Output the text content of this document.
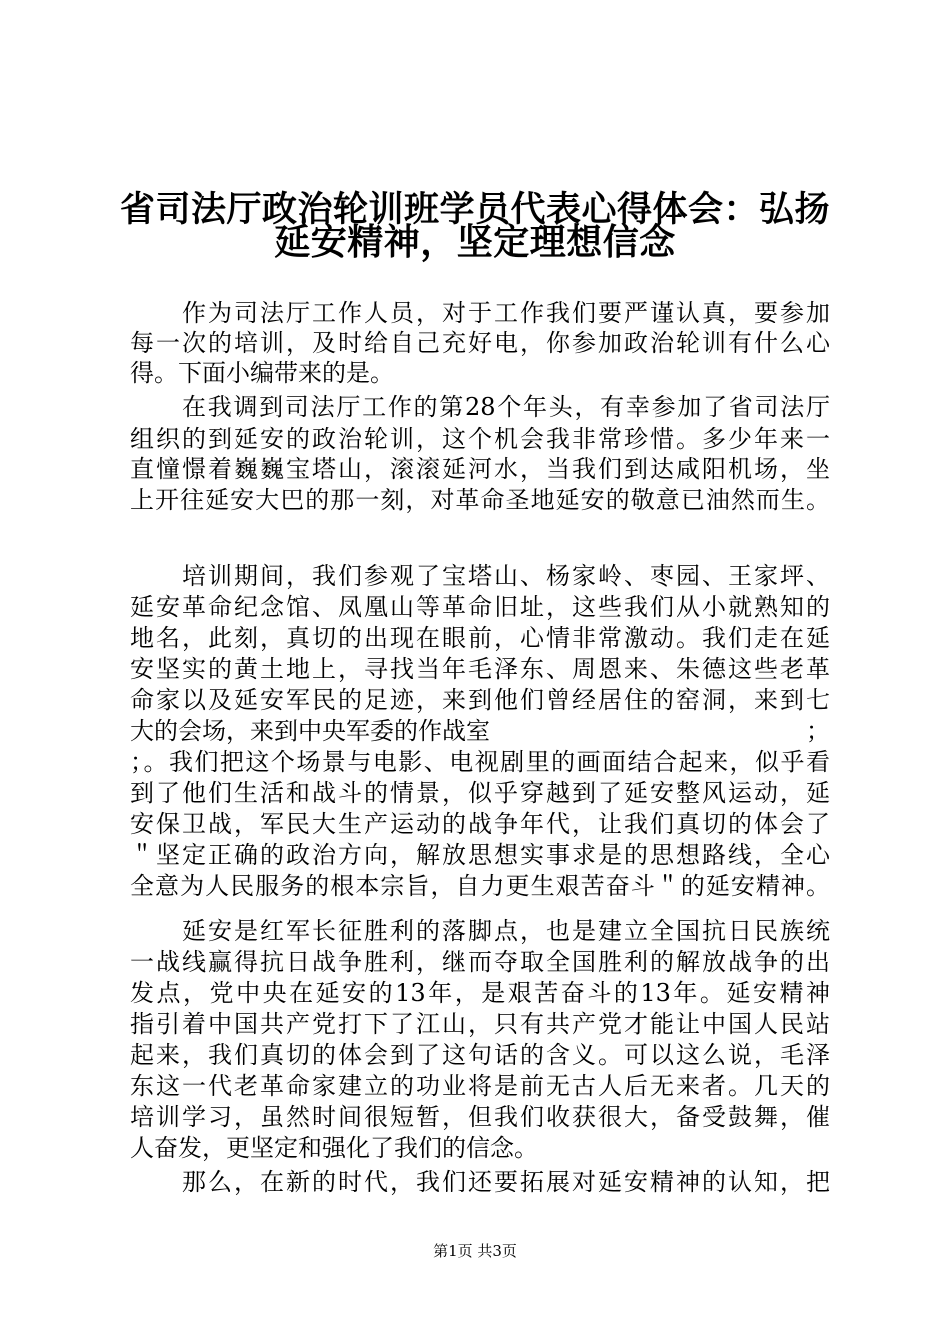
省司法厅政治轮训班学员代表心得体会：弘扬
延安精神，坚定理想信念
作为司法厅工作人员，对于工作我们要严谨认真，要参加
每一次的培训，及时给自己充好电，你参加政治轮训有什么心
得。下面小编带来的是。
在我调到司法厅工作的第28个年头，有幸参加了省司法厅
组织的到延安的政治轮训，这个机会我非常珍惜。多少年来一
直憧憬着巍巍宝塔山，滚滚延河水，当我们到达咸阳机场，坐
上开往延安大巴的那一刻，对革命圣地延安的敬意已油然而生。
培训期间，我们参观了宝塔山、杨家岭、枣园、王家坪、
延安革命纪念馆、凤凰山等革命旧址，这些我们从小就熟知的
地名，此刻，真切的出现在眼前，心情非常激动。我们走在延
安坚实的黄土地上，寻找当年毛泽东、周恩来、朱德这些老革
命家以及延安军民的足迹，来到他们曾经居住的窑洞，来到七
大的会场，来到中央军委的作战室	；
；。我们把这个场景与电影、电视剧里的画面结合起来，似乎看
到了他们生活和战斗的情景，似乎穿越到了延安整风运动，延
安保卫战，军民大生产运动的战争年代，让我们真切的体会了
＂坚定正确的政治方向，解放思想实事求是的思想路线，全心
全意为人民服务的根本宗旨，自力更生艰苦奋斗＂的延安精神。
延安是红军长征胜利的落脚点，也是建立全国抗日民族统
一战线赢得抗日战争胜利，继而夺取全国胜利的解放战争的出
发点，党中央在延安的13年，是艰苦奋斗的13年。延安精神
指引着中国共产党打下了江山，只有共产党才能让中国人民站
起来，我们真切的体会到了这句话的含义。可以这么说，毛泽
东这一代老革命家建立的功业将是前无古人后无来者。几天的
培训学习，虽然时间很短暂，但我们收获很大，备受鼓舞，催
人奋发，更坚定和强化了我们的信念。
那么，在新的时代，我们还要拓展对延安精神的认知，把
第1页 共3页
